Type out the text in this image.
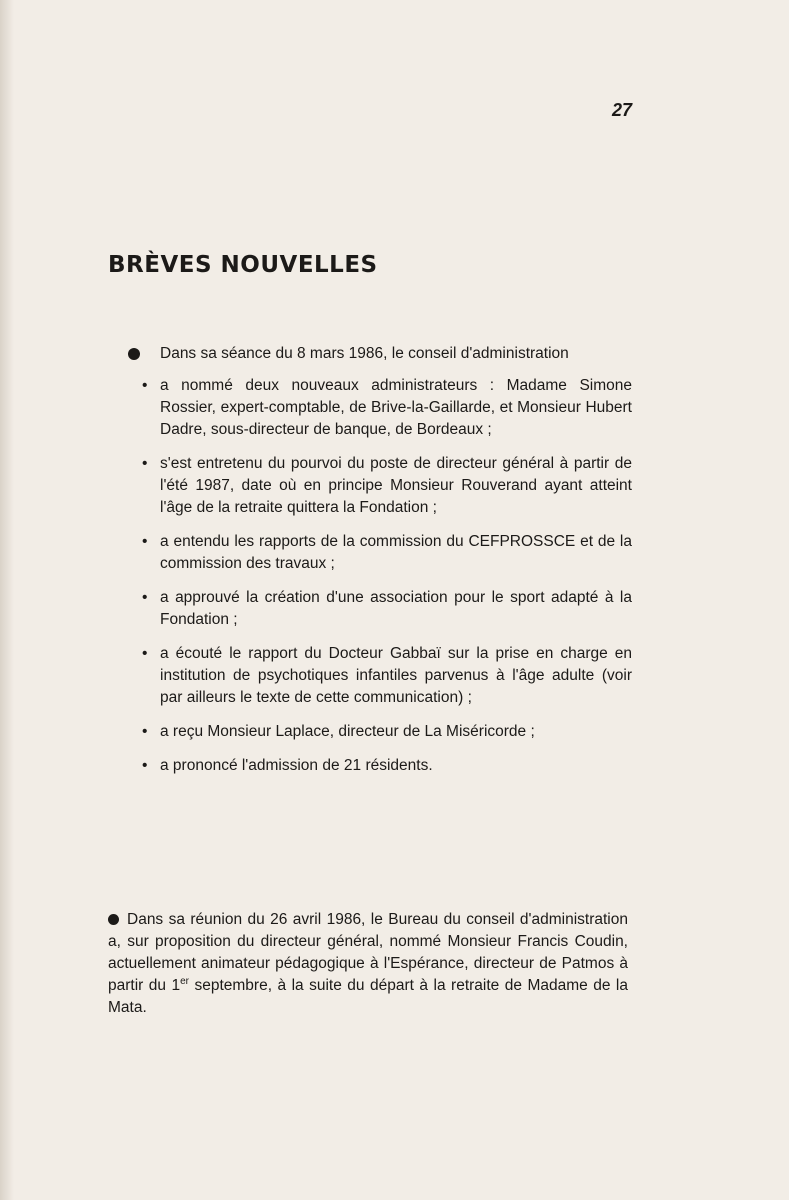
27
BRÈVES NOUVELLES
Dans sa séance du 8 mars 1986, le conseil d'administration
• a nommé deux nouveaux administrateurs : Madame Simone Rossier, expert-comptable, de Brive-la-Gaillarde, et Monsieur Hubert Dadre, sous-directeur de banque, de Bordeaux ;
• s'est entretenu du pourvoi du poste de directeur général à partir de l'été 1987, date où en principe Monsieur Rouverand ayant atteint l'âge de la retraite quittera la Fondation ;
• a entendu les rapports de la commission du CEFPROSSCE et de la commission des travaux ;
• a approuvé la création d'une association pour le sport adapté à la Fondation ;
• a écouté le rapport du Docteur Gabbaï sur la prise en charge en institution de psychotiques infantiles parvenus à l'âge adulte (voir par ailleurs le texte de cette communication) ;
• a reçu Monsieur Laplace, directeur de La Miséricorde ;
• a prononcé l'admission de 21 résidents.
Dans sa réunion du 26 avril 1986, le Bureau du conseil d'administration a, sur proposition du directeur général, nommé Monsieur Francis Coudin, actuellement animateur pédagogique à l'Espérance, directeur de Patmos à partir du 1er septembre, à la suite du départ à la retraite de Madame de la Mata.
